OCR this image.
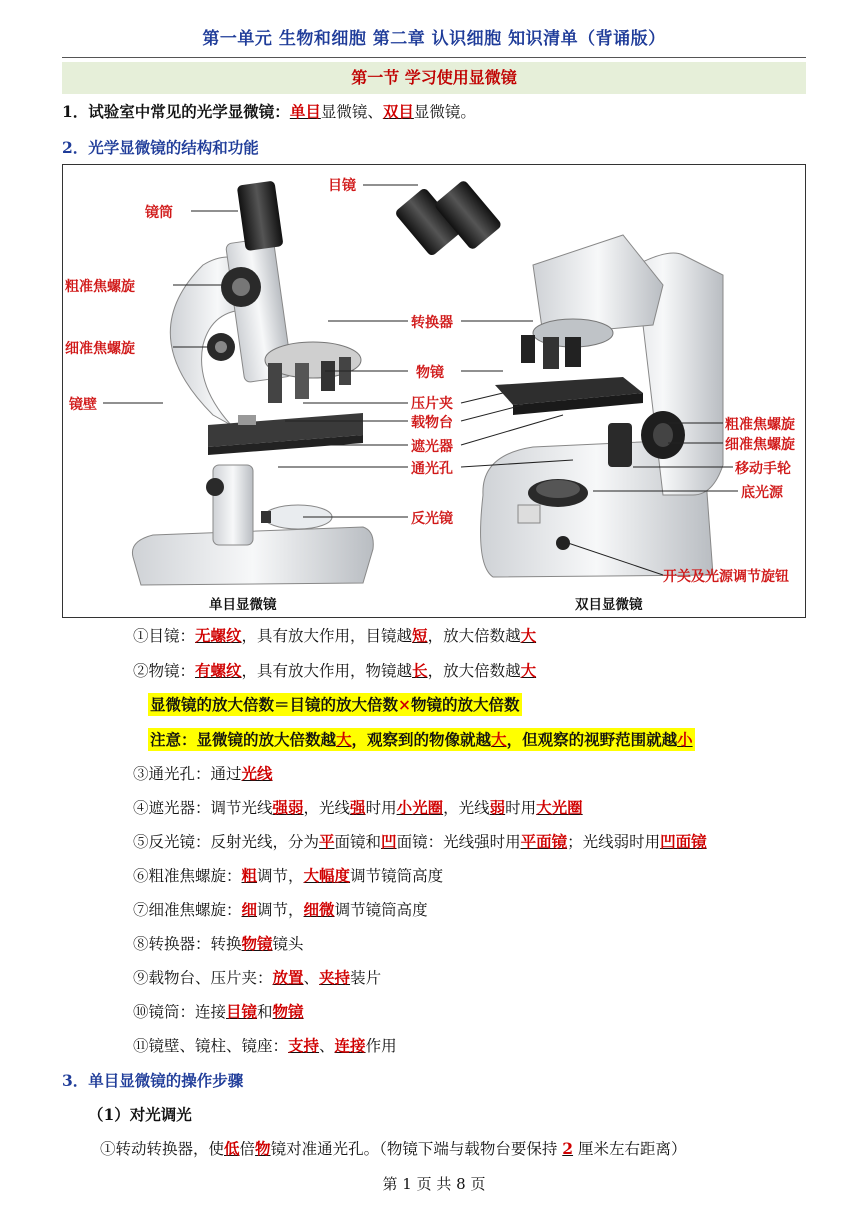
第一单元 生物和细胞 第二章 认识细胞 知识清单（背诵版）
第一节 学习使用显微镜
1．试验室中常见的光学显微镜：单目显微镜、双目显微镜。
2．光学显微镜的结构和功能
目镜
镜筒
粗准焦螺旋
细准焦螺旋
镜壁
转换器
物镜
压片夹
载物台
遮光器
通光孔
反光镜
粗准焦螺旋
细准焦螺旋
移动手轮
底光源
开关及光源调节旋钮
单目显微镜	双目显微镜
①目镜：无螺纹，具有放大作用，目镜越短，放大倍数越大
②物镜：有螺纹，具有放大作用，物镜越长，放大倍数越大
显微镜的放大倍数＝目镜的放大倍数×物镜的放大倍数
注意：显微镜的放大倍数越大，观察到的物像就越大，但观察的视野范围就越小
③通光孔：通过光线
④遮光器：调节光线强弱，光线强时用小光圈，光线弱时用大光圈
⑤反光镜：反射光线，分为平面镜和凹面镜：光线强时用平面镜；光线弱时用凹面镜
⑥粗准焦螺旋：粗调节，大幅度调节镜筒高度
⑦细准焦螺旋：细调节，细微调节镜筒高度
⑧转换器：转换物镜镜头
⑨载物台、压片夹：放置、夹持装片
⑩镜筒：连接目镜和物镜
⑪镜壁、镜柱、镜座：支持、连接作用
3．单目显微镜的操作步骤
（1）对光调光
①转动转换器，使低倍物镜对准通光孔。（物镜下端与载物台要保持 2 厘米左右距离）
第 1 页 共 8 页
